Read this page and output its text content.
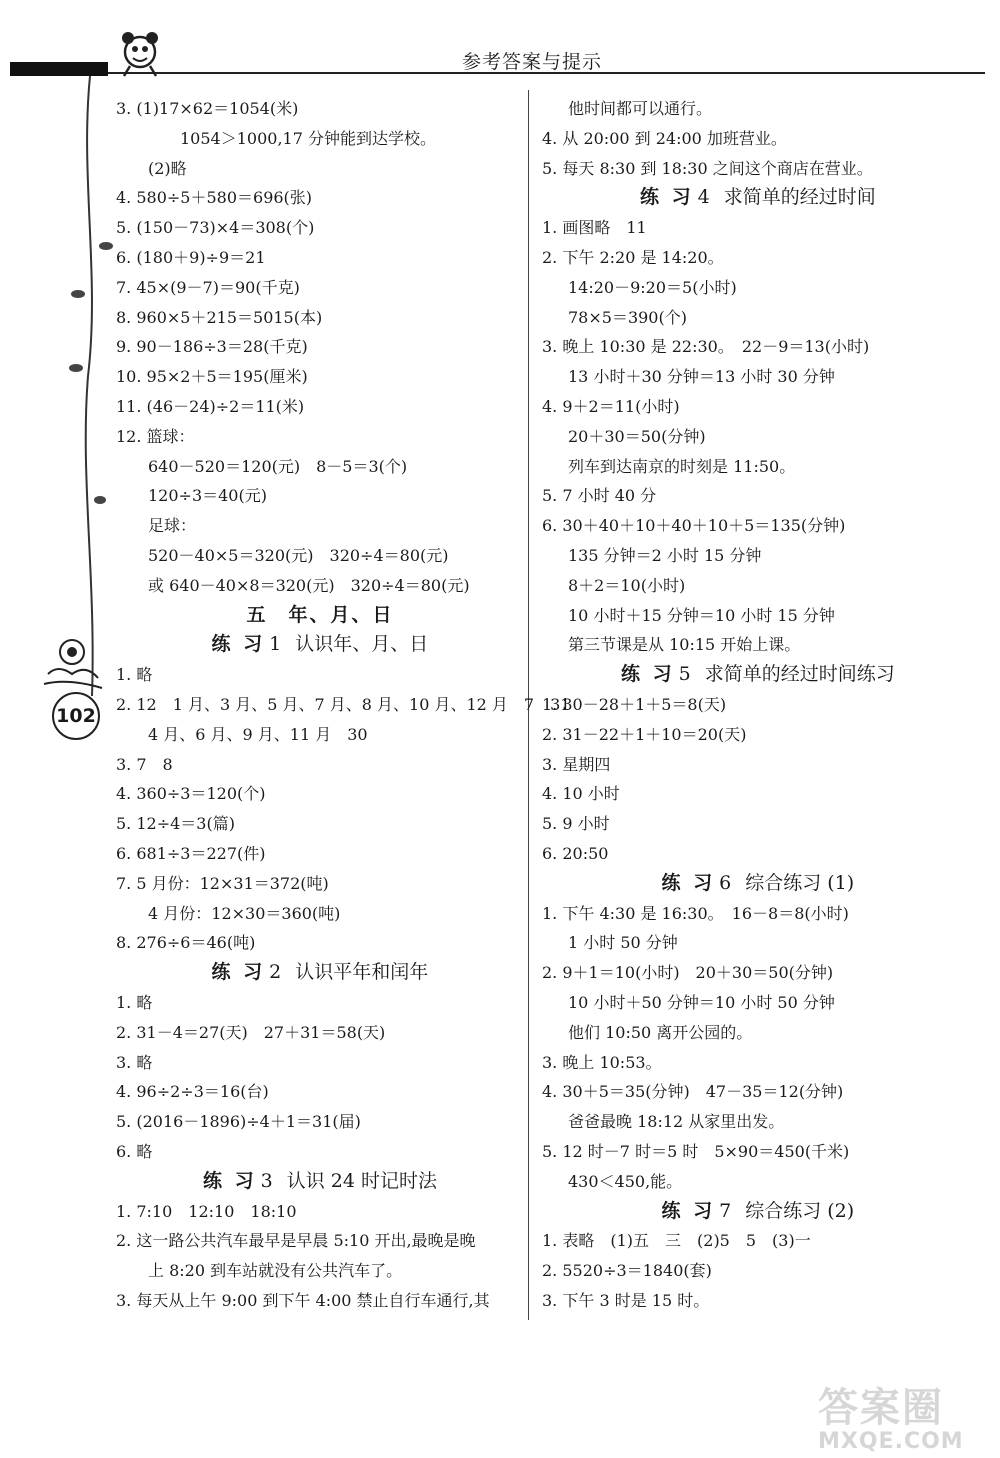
参考答案与提示
102
3. (1)17×62＝1054(米)
1054＞1000,17 分钟能到达学校。
(2)略
4. 580÷5＋580＝696(张)
5. (150－73)×4＝308(个)
6. (180＋9)÷9＝21
7. 45×(9－7)＝90(千克)
8. 960×5＋215＝5015(本)
9. 90－186÷3＝28(千克)
10. 95×2＋5＝195(厘米)
11. (46－24)÷2＝11(米)
12. 篮球：
640－520＝120(元)　8－5＝3(个)
120÷3＝40(元)
足球：
520－40×5＝320(元)　320÷4＝80(元)
或 640－40×8＝320(元)　320÷4＝80(元)
五　年、月、日
练 习 1 认识年、月、日
1. 略
2. 12　1 月、3 月、5 月、7 月、8 月、10 月、12 月　7　31
4 月、6 月、9 月、11 月　30
3. 7　8
4. 360÷3＝120(个)
5. 12÷4＝3(篇)
6. 681÷3＝227(件)
7. 5 月份：12×31＝372(吨)
4 月份：12×30＝360(吨)
8. 276÷6＝46(吨)
练 习 2 认识平年和闰年
1. 略
2. 31－4＝27(天)　27＋31＝58(天)
3. 略
4. 96÷2÷3＝16(台)
5. (2016－1896)÷4＋1＝31(届)
6. 略
练 习 3 认识 24 时记时法
1. 7:10　12:10　18:10
2. 这一路公共汽车最早是早晨 5:10 开出,最晚是晚
上 8:20 到车站就没有公共汽车了。
3. 每天从上午 9:00 到下午 4:00 禁止自行车通行,其
他时间都可以通行。
4. 从 20:00 到 24:00 加班营业。
5. 每天 8:30 到 18:30 之间这个商店在营业。
练 习 4 求简单的经过时间
1. 画图略　11
2. 下午 2:20 是 14:20。
14:20－9:20＝5(小时)
78×5＝390(个)
3. 晚上 10:30 是 22:30。　22－9＝13(小时)
13 小时＋30 分钟＝13 小时 30 分钟
4. 9＋2＝11(小时)
20＋30＝50(分钟)
列车到达南京的时刻是 11:50。
5. 7 小时 40 分
6. 30＋40＋10＋40＋10＋5＝135(分钟)
135 分钟＝2 小时 15 分钟
8＋2＝10(小时)
10 小时＋15 分钟＝10 小时 15 分钟
第三节课是从 10:15 开始上课。
练 习 5 求简单的经过时间练习
1. 30－28＋1＋5＝8(天)
2. 31－22＋1＋10＝20(天)
3. 星期四
4. 10 小时
5. 9 小时
6. 20:50
练 习 6 综合练习 (1)
1. 下午 4:30 是 16:30。　16－8＝8(小时)
1 小时 50 分钟
2. 9＋1＝10(小时)　20＋30＝50(分钟)
10 小时＋50 分钟＝10 小时 50 分钟
他们 10:50 离开公园的。
3. 晚上 10:53。
4. 30＋5＝35(分钟)　47－35＝12(分钟)
爸爸最晚 18:12 从家里出发。
5. 12 时－7 时＝5 时　5×90＝450(千米)
430＜450,能。
练 习 7 综合练习 (2)
1. 表略　(1)五　三　(2)5　5　(3)一
2. 5520÷3＝1840(套)
3. 下午 3 时是 15 时。
答案圈
MXQE.COM
